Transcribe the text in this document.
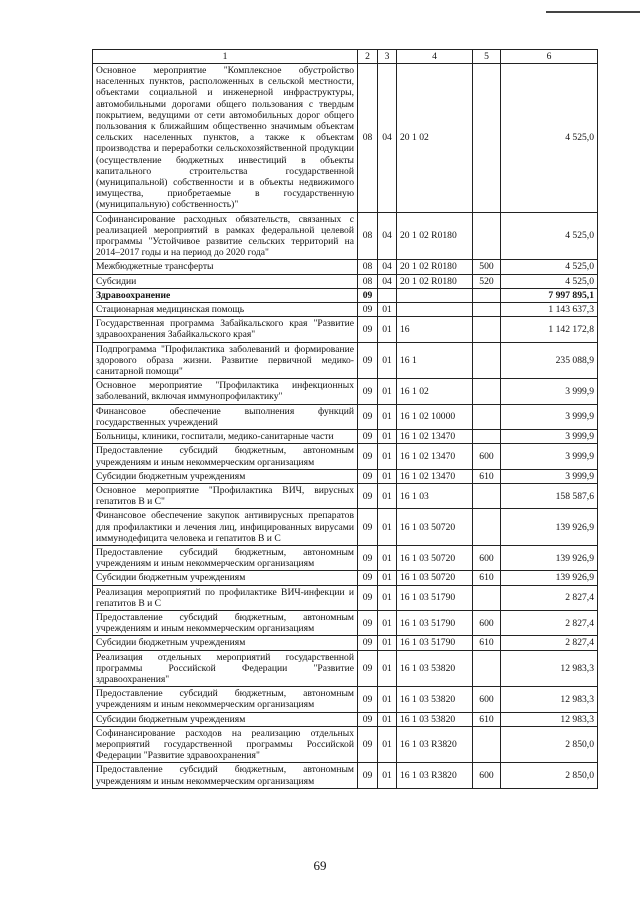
1	2	3	4	5	6
Основное мероприятие "Комплексное обустройство населенных пунктов, расположенных в сельской местности, объектами социальной и инженерной инфраструктуры, автомобильными дорогами общего пользования с твердым покрытием, ведущими от сети автомобильных дорог общего пользования к ближайшим общественно значимым объектам сельских населенных пунктов, а также к объектам производства и переработки сельскохозяйственной продукции (осуществление бюджетных инвестиций в объекты капитального строительства государственной (муниципальной) собственности и в объекты недвижимого имущества, приобретаемые в государственную (муниципальную) собственность)"	08	04	20 1 02		4 525,0
Софинансирование расходных обязательств, связанных с реализацией мероприятий в рамках федеральной целевой программы "Устойчивое развитие сельских территорий на 2014–2017 годы и на период до 2020 года"	08	04	20 1 02 R0180		4 525,0
Межбюджетные трансферты	08	04	20 1 02 R0180	500	4 525,0
Субсидии	08	04	20 1 02 R0180	520	4 525,0
Здравоохранение	09				7 997 895,1
Стационарная медицинская помощь	09	01			1 143 637,3
Государственная программа Забайкальского края "Развитие здравоохранения Забайкальского края"	09	01	16		1 142 172,8
Подпрограмма "Профилактика заболеваний и формирование здорового образа жизни. Развитие первичной медико-санитарной помощи"	09	01	16 1		235 088,9
Основное мероприятие "Профилактика инфекционных заболеваний, включая иммунопрофилактику"	09	01	16 1 02		3 999,9
Финансовое обеспечение выполнения функций государственных учреждений	09	01	16 1 02 10000		3 999,9
Больницы, клиники, госпитали, медико-санитарные части	09	01	16 1 02 13470		3 999,9
Предоставление субсидий бюджетным, автономным учреждениям и иным некоммерческим организациям	09	01	16 1 02 13470	600	3 999,9
Субсидии бюджетным учреждениям	09	01	16 1 02 13470	610	3 999,9
Основное мероприятие "Профилактика ВИЧ, вирусных гепатитов В и С"	09	01	16 1 03		158 587,6
Финансовое обеспечение закупок антивирусных препаратов для профилактики и лечения лиц, инфицированных вирусами иммунодефицита человека и гепатитов В и С	09	01	16 1 03 50720		139 926,9
Предоставление субсидий бюджетным, автономным учреждениям и иным некоммерческим организациям	09	01	16 1 03 50720	600	139 926,9
Субсидии бюджетным учреждениям	09	01	16 1 03 50720	610	139 926,9
Реализация мероприятий по профилактике ВИЧ-инфекции и гепатитов В и С	09	01	16 1 03 51790		2 827,4
Предоставление субсидий бюджетным, автономным учреждениям и иным некоммерческим организациям	09	01	16 1 03 51790	600	2 827,4
Субсидии бюджетным учреждениям	09	01	16 1 03 51790	610	2 827,4
Реализация отдельных мероприятий государственной программы Российской Федерации "Развитие здравоохранения"	09	01	16 1 03 53820		12 983,3
Предоставление субсидий бюджетным, автономным учреждениям и иным некоммерческим организациям	09	01	16 1 03 53820	600	12 983,3
Субсидии бюджетным учреждениям	09	01	16 1 03 53820	610	12 983,3
Софинансирование расходов на реализацию отдельных мероприятий государственной программы Российской Федерации "Развитие здравоохранения"	09	01	16 1 03 R3820		2 850,0
Предоставление субсидий бюджетным, автономным учреждениям и иным некоммерческим организациям	09	01	16 1 03 R3820	600	2 850,0
69
